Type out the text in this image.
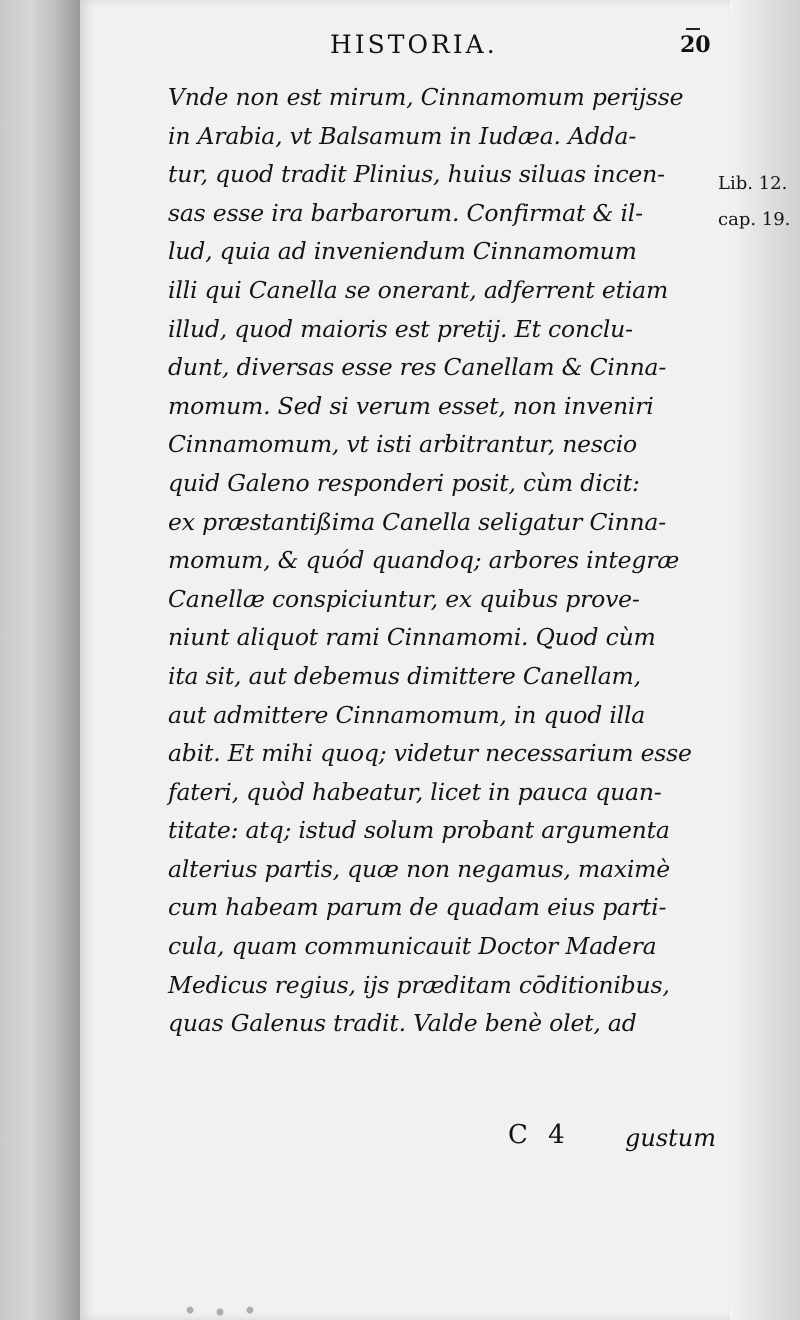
HISTORIA.	20
Vnde non est mirum, Cinnamomum perijsse
in Arabia, vt Balsamum in Iudæa. Adda-
tur, quod tradit Plinius, huius siluas incen-
sas esse ira barbarorum. Confirmat & il-
lud, quia ad inveniendum Cinnamomum
illi qui Canella se onerant, adferrent etiam
illud, quod maioris est pretij. Et conclu-
dunt, diversas esse res Canellam & Cinna-
momum. Sed si verum esset, non inveniri
Cinnamomum, vt isti arbitrantur, nescio
quid Galeno responderi posit, cùm dicit:
ex præstantißima Canella seligatur Cinna-
momum, & quód quandoq; arbores integræ
Canellæ conspiciuntur, ex quibus prove-
niunt aliquot rami Cinnamomi. Quod cùm
ita sit, aut debemus dimittere Canellam,
aut admittere Cinnamomum, in quod illa
abit. Et mihi quoq; videtur necessarium esse
fateri, quòd habeatur, licet in pauca quan-
titate: atq; istud solum probant argumenta
alterius partis, quæ non negamus, maximè
cum habeam parum de quadam eius parti-
cula, quam communicauit Doctor Madera
Medicus regius, ijs præditam cōditionibus,
quas Galenus tradit. Valde benè olet, ad
Lib. 12.
cap. 19.
C 4 gustum
